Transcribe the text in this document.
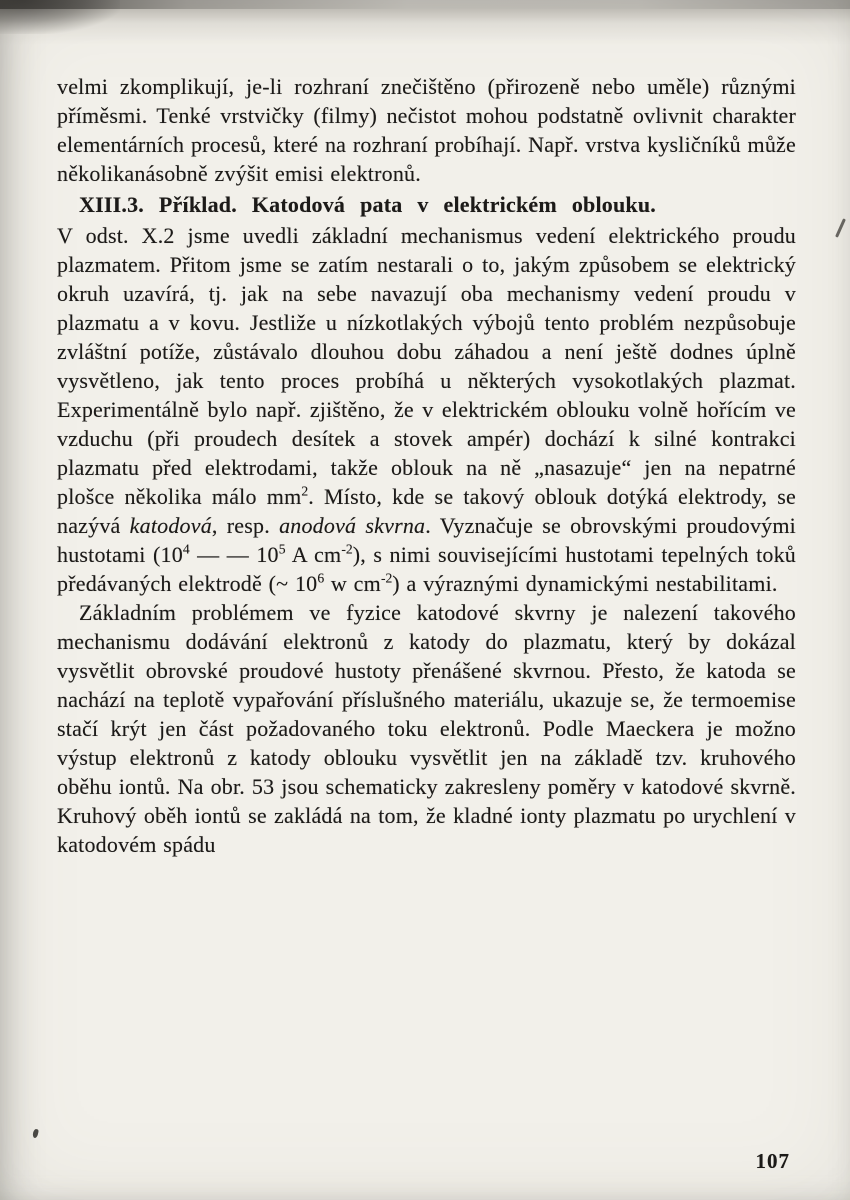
velmi zkomplikují, je-li rozhraní znečištěno (přirozeně nebo uměle) různými příměsmi. Tenké vrstvičky (filmy) nečistot mohou podstatně ovlivnit charakter elementárních procesů, které na rozhraní probíhají. Např. vrstva kysličníků může několikanásobně zvýšit emisi elektronů.

XIII.3. Příklad. Katodová pata v elektrickém oblouku.

V odst. X.2 jsme uvedli základní mechanismus vedení elektrického proudu plazmatem. Přitom jsme se zatím nestarali o to, jakým způsobem se elektrický okruh uzavírá, tj. jak na sebe navazují oba mechanismy vedení proudu v plazmatu a v kovu. Jestliže u nízkotlakých výbojů tento problém nezpůsobuje zvláštní potíže, zůstávalo dlouhou dobu záhadou a není ještě dodnes úplně vysvětleno, jak tento proces probíhá u některých vysokotlakých plazmat. Experimentálně bylo např. zjištěno, že v elektrickém oblouku volně hořícím ve vzduchu (při proudech desítek a stovek ampér) dochází k silné kontrakci plazmatu před elektrodami, takže oblouk na ně „nasazuje“ jen na nepatrné plošce několika málo $mm^2$. Místo, kde se takový oblouk dotýká elektrody, se nazývá katodová, resp. anodová skvrna. Vyznačuje se obrovskými proudovými hustotami ($10^4$ — — $10^5$ A $cm^{-2}$), s nimi souvisejícími hustotami tepelných toků předávaných elektrodě (~ $10^6$ w $cm^{-2}$) a výraznými dynamickými nestabilitami.

Základním problémem ve fyzice katodové skvrny je nalezení takového mechanismu dodávání elektronů z katody do plazmatu, který by dokázal vysvětlit obrovské proudové hustoty přenášené skvrnou. Přesto, že katoda se nachází na teplotě vypařování příslušného materiálu, ukazuje se, že termoemise stačí krýt jen část požadovaného toku elektronů. Podle Maeckera je možno výstup elektronů z katody oblouku vysvětlit jen na základě tzv. kruhového oběhu iontů. Na obr. 53 jsou schematicky zakresleny poměry v katodové skvrně. Kruhový oběh iontů se zakládá na tom, že kladné ionty plazmatu po urychlení v katodovém spádu

107
